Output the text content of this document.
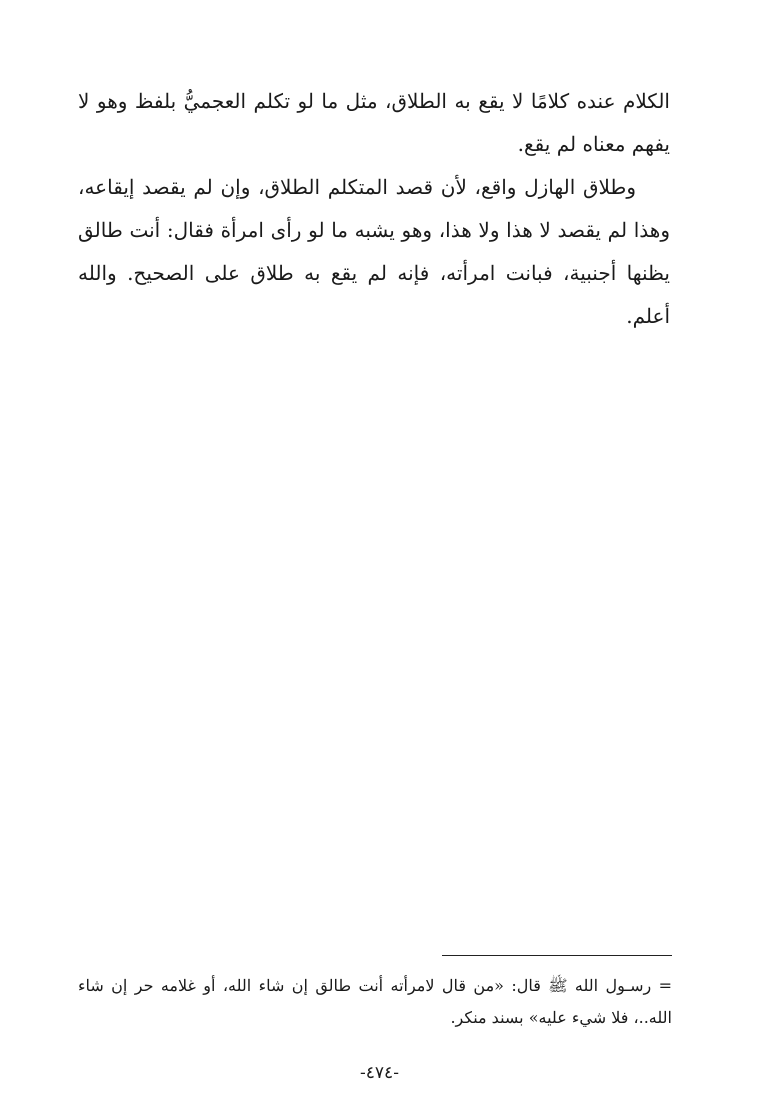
الكلام عنده كلامًا لا يقع به الطلاق، مثل ما لو تكلم العجميُّ بلفظ وهو لا يفهم معناه لم يقع.

وطلاق الهازل واقع، لأن قصد المتكلم الطلاق، وإن لم يقصد إيقاعه، وهذا لم يقصد لا هذا ولا هذا، وهو يشبه ما لو رأى امرأة فقال: أنت طالق يظنها أجنبية، فبانت امرأته، فإنه لم يقع به طلاق على الصحيح. والله أعلم.

= رسـول الله ﷺ قال: «من قال لامرأته أنت طالق إن شاء الله، أو غلامه حر إن شاء الله..، فلا شيء عليه» بسند منكر.

-٤٧٤-
